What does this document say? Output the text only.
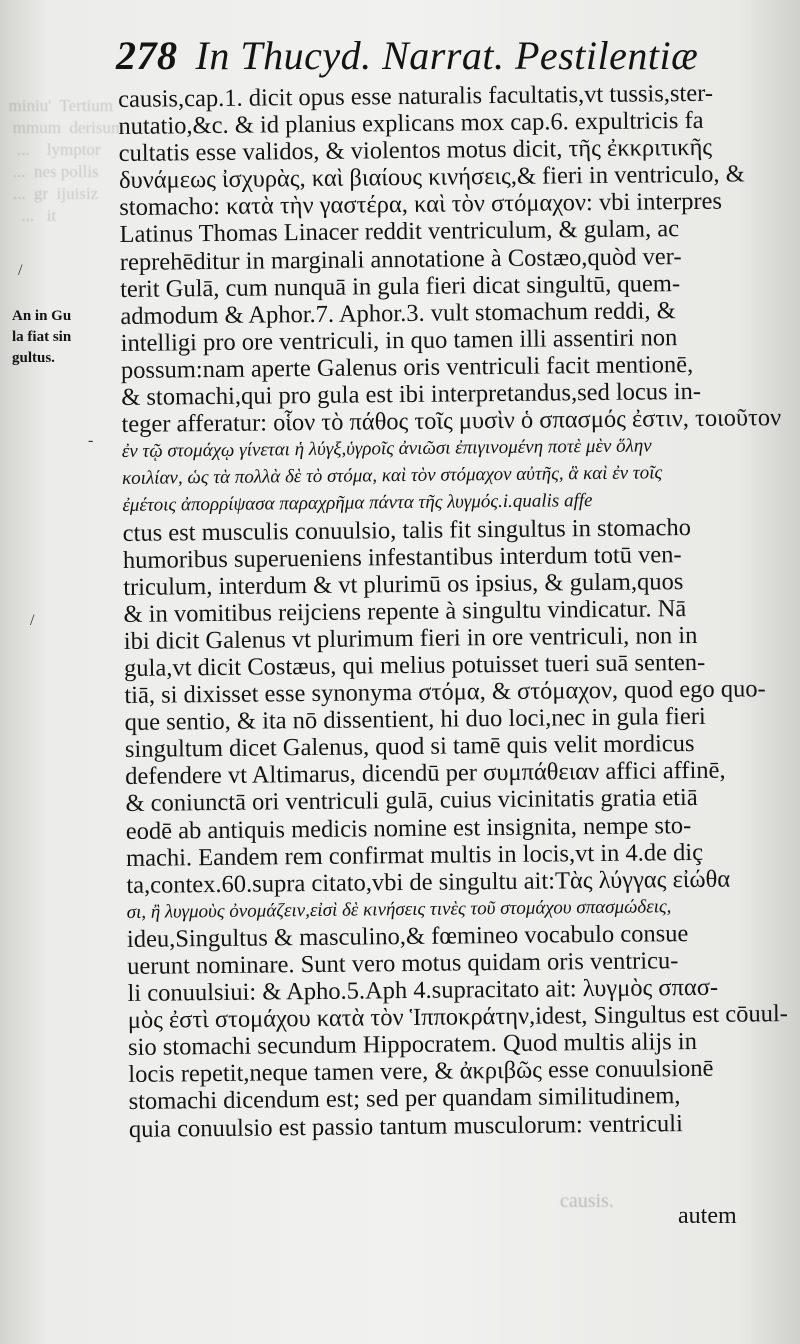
miniu'  Tertium
mmum  derisum
...    lymptor
...  nes pollis
...  gr  ijuisiz
...   it

278 In Thucyd. Narrat. Pestilentiæ
An in Gu
la fiat sin
gultus.
/
-
/
causis,cap.1. dicit opus esse naturalis facultatis,vt tussis,ster-
nutatio,&c. & id planius explicans mox cap.6. expultricis fa
cultatis esse validos, & violentos motus dicit, τῆς ἐκκριτικῆς
δυνάμεως ἰσχυρὰς, καὶ βιαίους κινήσεις,& fieri in ventriculo, &
stomacho: κατὰ τὴν γαστέρα, καὶ τὸν στόμαχον: vbi interpres
Latinus Thomas Linacer reddit ventriculum, & gulam, ac
reprehēditur in marginali annotatione à Costæo,quòd ver-
terit Gulā, cum nunquā in gula fieri dicat singultū, quem-
admodum & Aphor.7. Aphor.3. vult stomachum reddi, &
intelligi pro ore ventriculi, in quo tamen illi assentiri non
possum:nam aperte Galenus oris ventriculi facit mentionē,
& stomachi,qui pro gula est ibi interpretandus,sed locus in-
teger afferatur: οἷον τὸ πάθος τοῖς μυσὶν ὁ σπασμός ἐστιν, τοιοῦτον
ἐν τῷ στομάχῳ γίνεται ἡ λύγξ,ὑγροῖς ἀνιῶσι ἐπιγινομένη ποτὲ μὲν ὅλην
κοιλίαν, ὡς τὰ πολλὰ δὲ τὸ στόμα, καὶ τὸν στόμαχον αὐτῆς, ἃ καὶ ἐν τοῖς
ἐμέτοις ἀπορρίψασα παραχρῆμα πάντα τῆς λυγμός.i.qualis affe
ctus est musculis conuulsio, talis fit singultus in stomacho
humoribus superueniens infestantibus interdum totū ven-
triculum, interdum & vt plurimū os ipsius, & gulam,quos
& in vomitibus reijciens repente à singultu vindicatur. Nā
ibi dicit Galenus vt plurimum fieri in ore ventriculi, non in
gula,vt dicit Costæus, qui melius potuisset tueri suā senten-
tiā, si dixisset esse synonyma στόμα, & στόμαχον, quod ego quo-
que sentio, & ita nō dissentient, hi duo loci,nec in gula fieri
singultum dicet Galenus, quod si tamē quis velit mordicus
defendere vt Altimarus, dicendū per συμπάθειαν affici affinē,
& coniunctā ori ventriculi gulā, cuius vicinitatis gratia etiā
eodē ab antiquis medicis nomine est insignita, nempe sto-
machi. Eandem rem confirmat multis in locis,vt in 4.de diç
ta,contex.60.supra citato,vbi de singultu ait:Τὰς λύγγας εἰώθα
σι, ἢ λυγμοὺς ὀνομάζειν,εἰσὶ δὲ κινήσεις τινὲς τοῦ στομάχου σπασμώδεις,
ideu,Singultus & masculino,& fœmineo vocabulo consue
uerunt nominare. Sunt vero motus quidam oris ventricu-
li conuulsiui: & Apho.5.Aph 4.supracitato ait: λυγμὸς σπασ-
μὸς ἐστὶ στομάχου κατὰ τὸν Ἱπποκράτην,idest, Singultus est cōuul-
sio stomachi secundum Hippocratem. Quod multis alijs in
locis repetit,neque tamen vere, & ἀκριβῶς esse conuulsionē
stomachi dicendum est; sed per quandam similitudinem,
quia conuulsio est passio tantum musculorum: ventriculi
autem
causis.
